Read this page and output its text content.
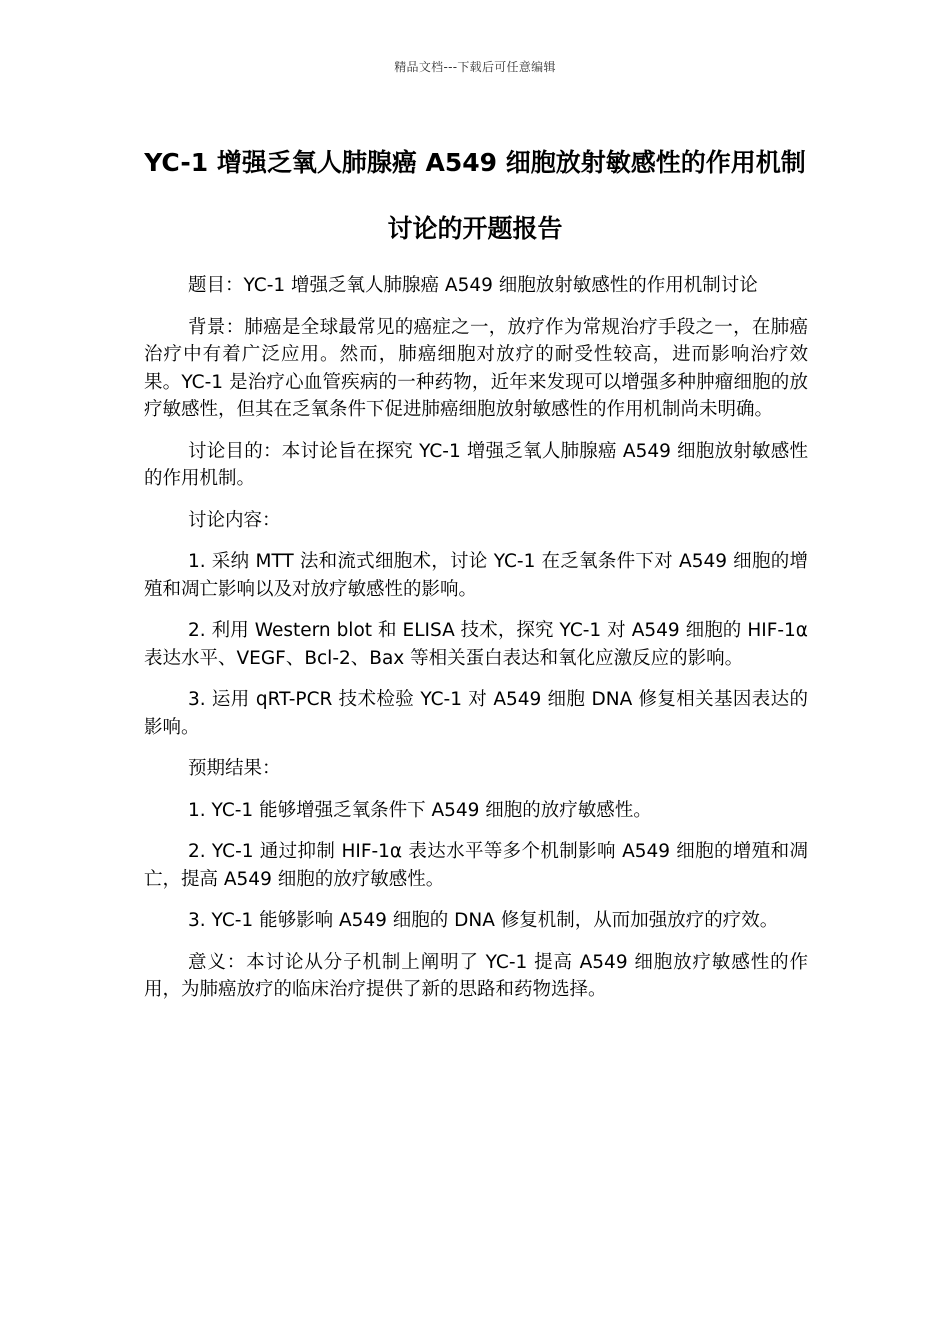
精品文档---下载后可任意编辑
YC-1 增强乏氧人肺腺癌 A549 细胞放射敏感性的作用机制讨论的开题报告

题目：YC-1 增强乏氧人肺腺癌 A549 细胞放射敏感性的作用机制讨论

背景：肺癌是全球最常见的癌症之一，放疗作为常规治疗手段之一，在肺癌治疗中有着广泛应用。然而，肺癌细胞对放疗的耐受性较高，进而影响治疗效果。YC-1 是治疗心血管疾病的一种药物，近年来发现可以增强多种肿瘤细胞的放疗敏感性，但其在乏氧条件下促进肺癌细胞放射敏感性的作用机制尚未明确。

讨论目的：本讨论旨在探究 YC-1 增强乏氧人肺腺癌 A549 细胞放射敏感性的作用机制。

讨论内容：

1. 采纳 MTT 法和流式细胞术，讨论 YC-1 在乏氧条件下对 A549 细胞的增殖和凋亡影响以及对放疗敏感性的影响。

2. 利用 Western blot 和 ELISA 技术，探究 YC-1 对 A549 细胞的 HIF-1α 表达水平、VEGF、Bcl-2、Bax 等相关蛋白表达和氧化应激反应的影响。

3. 运用 qRT-PCR 技术检验 YC-1 对 A549 细胞 DNA 修复相关基因表达的影响。

预期结果：

1. YC-1 能够增强乏氧条件下 A549 细胞的放疗敏感性。

2. YC-1 通过抑制 HIF-1α 表达水平等多个机制影响 A549 细胞的增殖和凋亡，提高 A549 细胞的放疗敏感性。

3. YC-1 能够影响 A549 细胞的 DNA 修复机制，从而加强放疗的疗效。

意义：本讨论从分子机制上阐明了 YC-1 提高 A549 细胞放疗敏感性的作用，为肺癌放疗的临床治疗提供了新的思路和药物选择。
